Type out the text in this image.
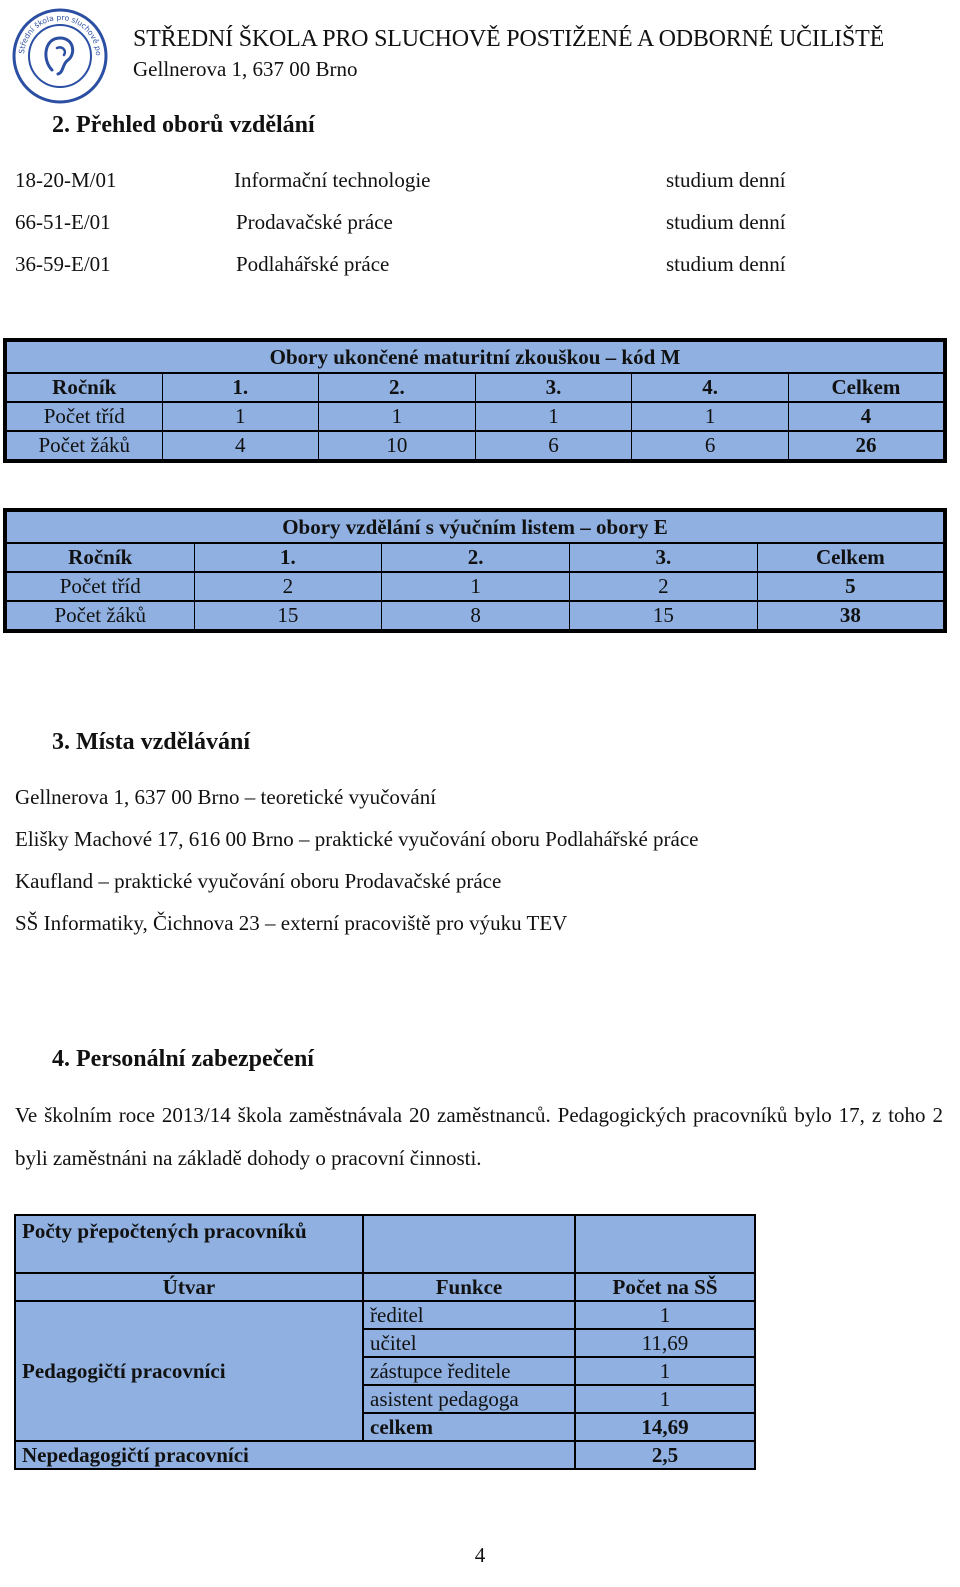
Střední škola pro sluchově po
STŘEDNÍ ŠKOLA PRO SLUCHOVĚ POSTIŽENÉ A ODBORNÉ UČILIŠTĚ
Gellnerova 1, 637 00 Brno
2. Přehled oborů vzdělání
18-20-M/01	Informační technologie	studium denní
66-51-E/01	Prodavačské práce	studium denní
36-59-E/01	Podlahářské práce	studium denní
Obory ukončené maturitní zkouškou – kód M					
Ročník	1.	2.	3.	4.	Celkem
Počet tříd	1	1	1	1	4
Počet žáků	4	10	6	6	26
Obory vzdělání s výučním listem – obory E				
Ročník	1.	2.	3.	Celkem
Počet tříd	2	1	2	5
Počet žáků	15	8	15	38
3. Místa vzdělávání
Gellnerova 1, 637 00 Brno – teoretické vyučování
Elišky Machové 17, 616 00 Brno – praktické vyučování oboru Podlahářské práce
Kaufland – praktické vyučování oboru Prodavačské práce
SŠ Informatiky, Čichnova 23 – externí pracoviště pro výuku TEV
4. Personální zabezpečení
Ve školním roce 2013/14 škola zaměstnávala 20 zaměstnanců. Pedagogických pracovníků bylo 17, z toho 2 byli zaměstnáni na základě dohody o pracovní činnosti.
Počty přepočtených pracovníků		
Útvar	Funkce	Počet na SŠ
Pedagogičtí pracovníci	ředitel	1
	učitel	11,69
	zástupce ředitele	1
	asistent pedagoga	1
	celkem	14,69
Nepedagogičtí pracovníci		2,5
4
